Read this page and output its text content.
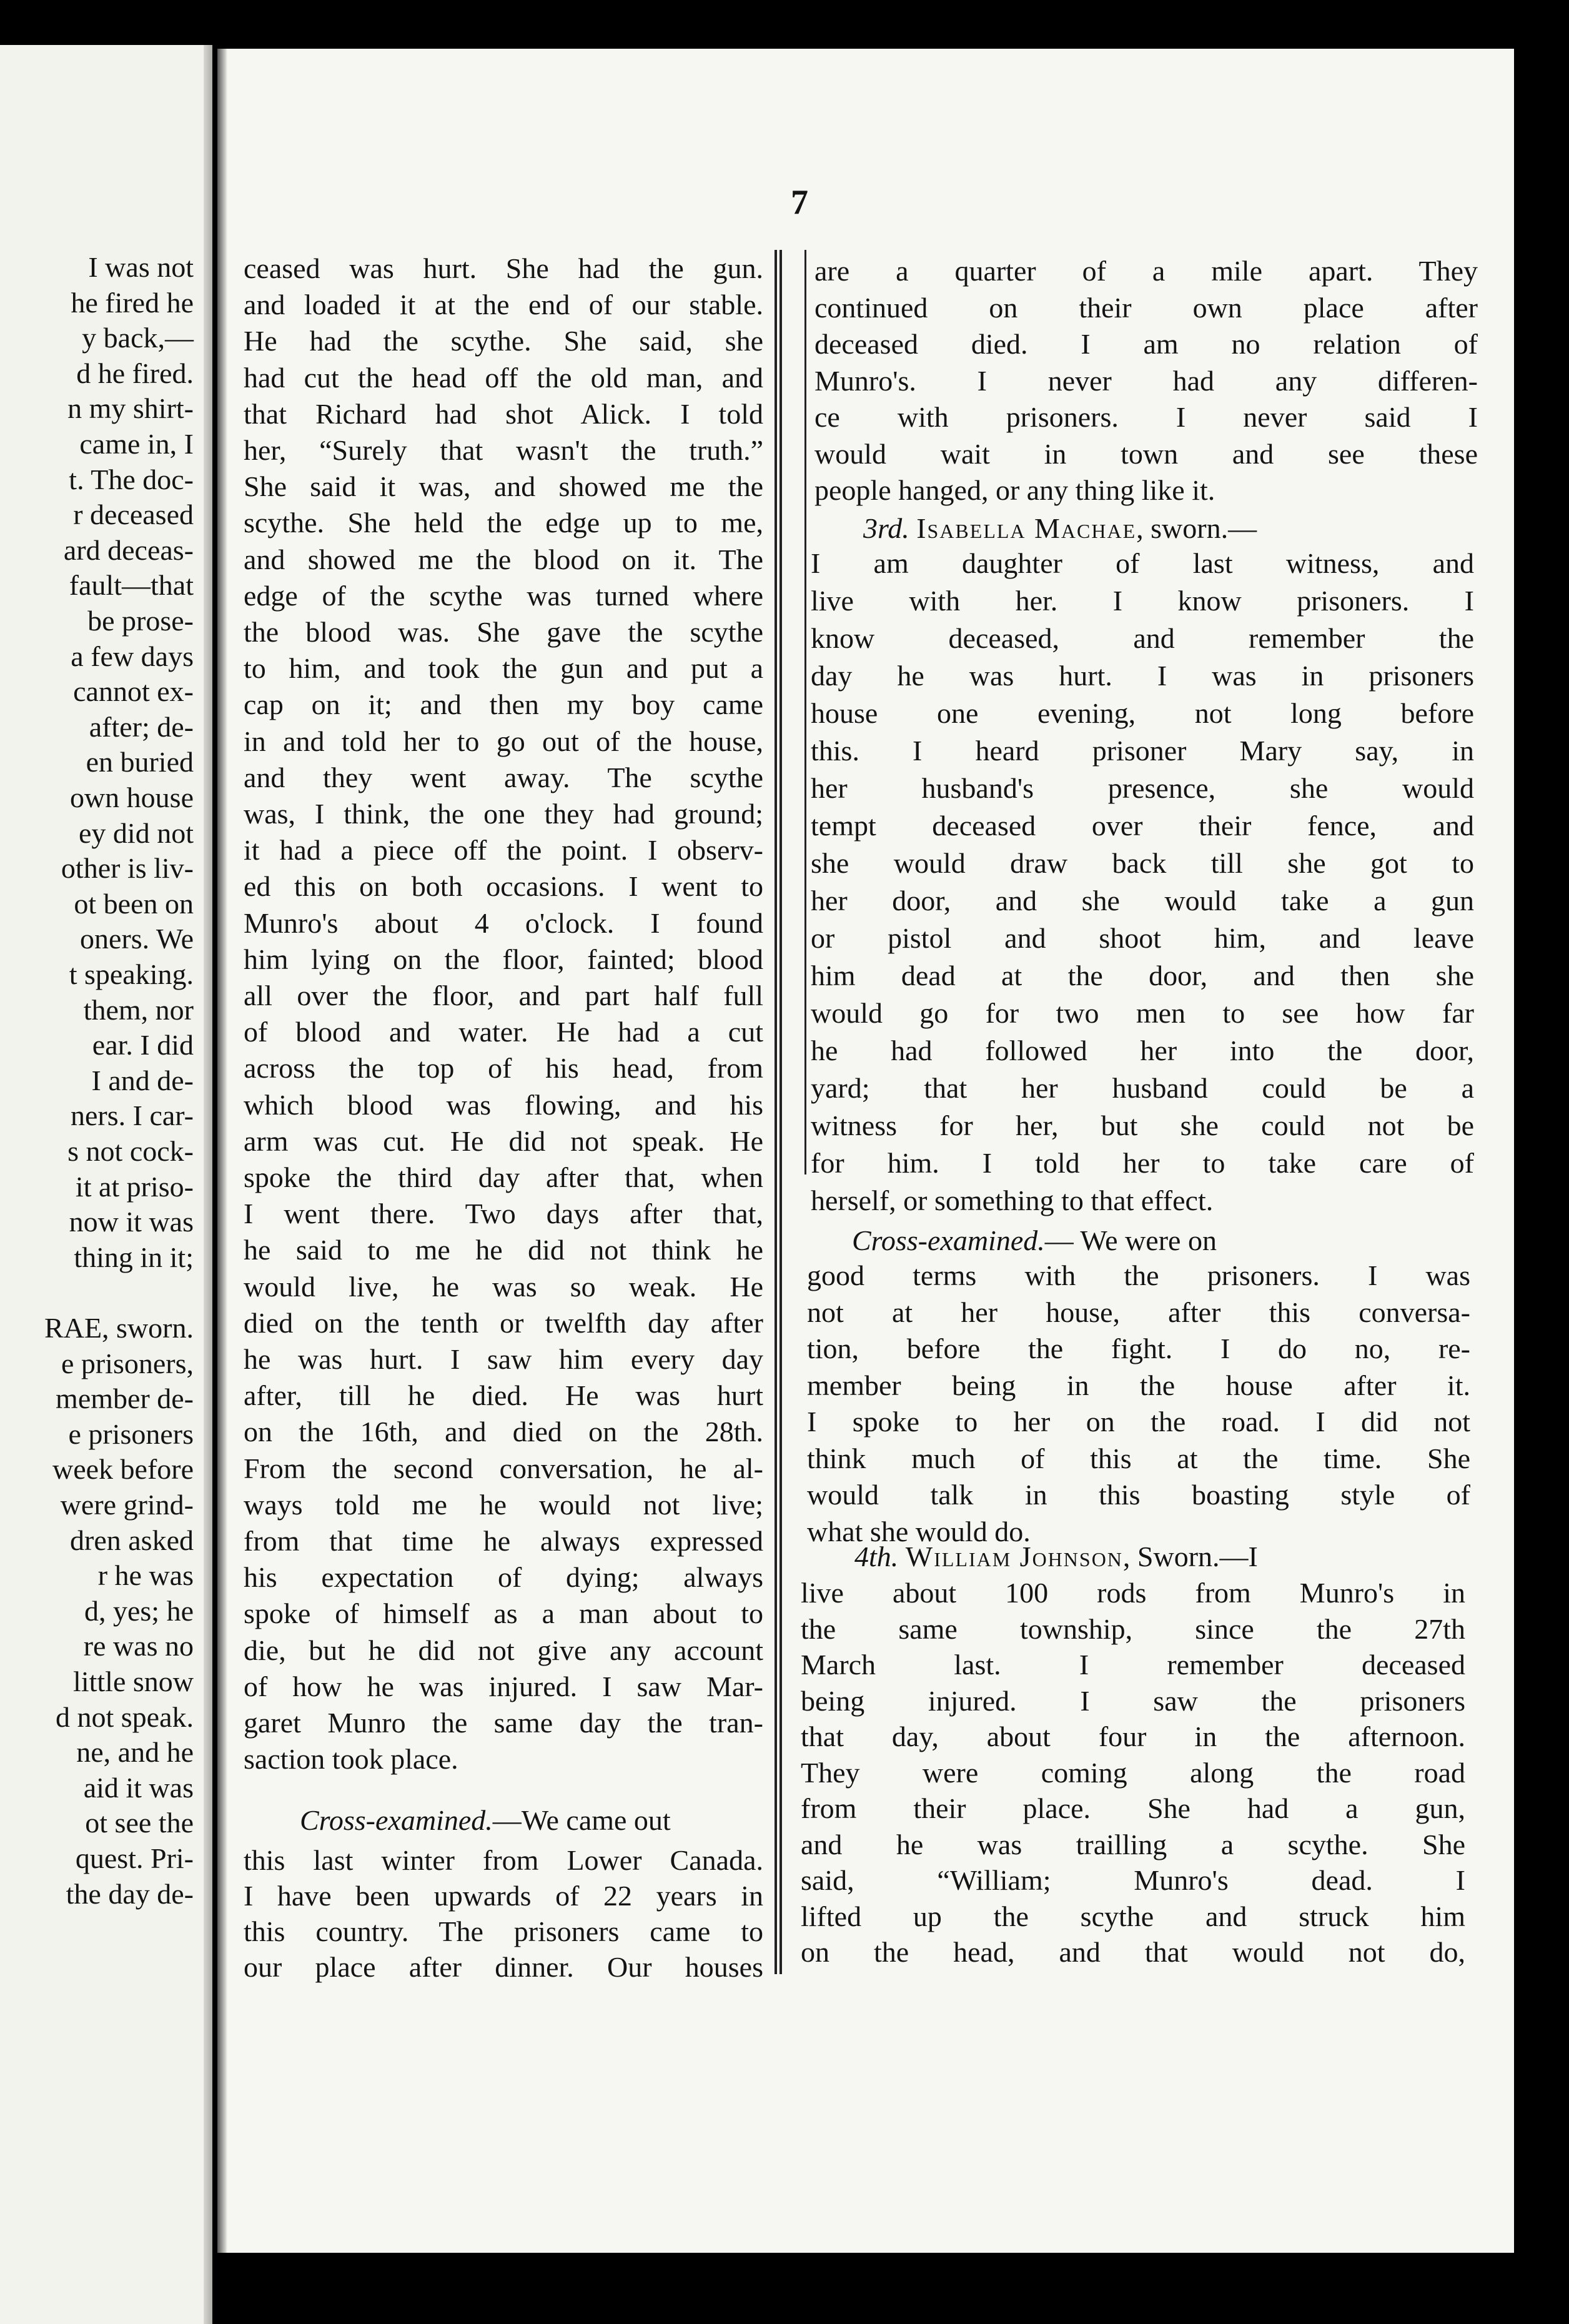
I was not
he fired he
y back,—
d he fired.
n my shirt-
came in, I
t. The doc-
r deceased
ard deceas-
fault—that
be prose-
a few days
cannot ex-
after; de-
en buried
own house
ey did not
other is liv-
ot been on
oners. We
t speaking.
them, nor
ear. I did
I and de-
ners. I car-
s not cock-
it at priso-
now it was
thing in it;
RAE, sworn.
e prisoners,
member de-
e prisoners
week before
were grind-
dren asked
r he was
d, yes; he
re was no
little snow
d not speak.
ne, and he
aid it was
ot see the
quest. Pri-
the day de-
7
ceased was hurt. She had the gun.
and loaded it at the end of our stable.
He had the scythe. She said, she
had cut the head off the old man, and
that Richard had shot Alick. I told
her, “Surely that wasn't the truth.”
She said it was, and showed me the
scythe. She held the edge up to me,
and showed me the blood on it. The
edge of the scythe was turned where
the blood was. She gave the scythe
to him, and took the gun and put a
cap on it; and then my boy came
in and told her to go out of the house,
and they went away. The scythe
was, I think, the one they had ground;
it had a piece off the point. I observ-
ed this on both occasions. I went to
Munro's about 4 o'clock. I found
him lying on the floor, fainted; blood
all over the floor, and part half full
of blood and water. He had a cut
across the top of his head, from
which blood was flowing, and his
arm was cut. He did not speak. He
spoke the third day after that, when
I went there. Two days after that,
he said to me he did not think he
would live, he was so weak. He
died on the tenth or twelfth day after
he was hurt. I saw him every day
after, till he died. He was hurt
on the 16th, and died on the 28th.
From the second conversation, he al-
ways told me he would not live;
from that time he always expressed
his expectation of dying; always
spoke of himself as a man about to
die, but he did not give any account
of how he was injured. I saw Mar-
garet Munro the same day the tran-
saction took place.
this last winter from Lower Canada.
I have been upwards of 22 years in
this country. The prisoners came to
our place after dinner. Our houses
are a quarter of a mile apart. They
continued on their own place after
deceased died. I am no relation of
Munro's. I never had any differen-
ce with prisoners. I never said I
would wait in town and see these
people hanged, or any thing like it.
I am daughter of last witness, and
live with her. I know prisoners. I
know deceased, and remember the
day he was hurt. I was in prisoners
house one evening, not long before
this. I heard prisoner Mary say, in
her husband's presence, she would
tempt deceased over their fence, and
she would draw back till she got to
her door, and she would take a gun
or pistol and shoot him, and leave
him dead at the door, and then she
would go for two men to see how far
he had followed her into the door,
yard; that her husband could be a
witness for her, but she could not be
for him. I told her to take care of
herself, or something to that effect.
good terms with the prisoners. I was
not at her house, after this conversa-
tion, before the fight. I do no, re-
member being in the house after it.
I spoke to her on the road. I did not
think much of this at the time. She
would talk in this boasting style of
what she would do.
live about 100 rods from Munro's in
the same township, since the 27th
March last. I remember deceased
being injured. I saw the prisoners
that day, about four in the afternoon.
They were coming along the road
from their place. She had a gun,
and he was trailling a scythe. She
said, “William; Munro's dead. I
lifted up the scythe and struck him
on the head, and that would not do,
Cross-examined.—We came out
3rd. Isabella Machae, sworn.—
Cross-examined.— We were on
4th. William Johnson, Sworn.—I
